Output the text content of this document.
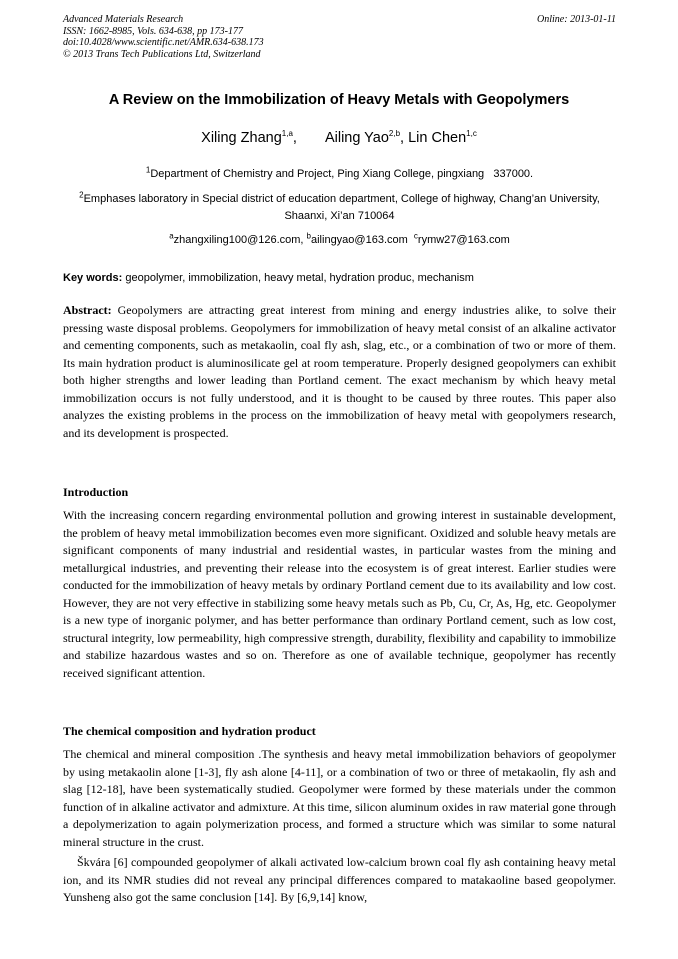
Advanced Materials Research
ISSN: 1662-8985, Vols. 634-638, pp 173-177
doi:10.4028/www.scientific.net/AMR.634-638.173
© 2013 Trans Tech Publications Ltd, Switzerland
Online: 2013-01-11
A Review on the Immobilization of Heavy Metals with Geopolymers
Xiling Zhang$^{1,a}$, Ailing Yao$^{2,b}$, Lin Chen$^{1,c}$
$^1$Department of Chemistry and Project, Ping Xiang College, pingxiang   337000.
$^2$Emphases laboratory in Special district of education department, College of highway, Chang’an University, Shaanxi, Xi’an 710064
$^a$zhangxiling100@126.com, $^b$ailingyao@163.com $^c$rymw27@163.com
Key words: geopolymer, immobilization, heavy metal, hydration produc, mechanism
Abstract: Geopolymers are attracting great interest from mining and energy industries alike, to solve their pressing waste disposal problems. Geopolymers for immobilization of heavy metal consist of an alkaline activator and cementing components, such as metakaolin, coal fly ash, slag, etc., or a combination of two or more of them. Its main hydration product is aluminosilicate gel at room temperature. Properly designed geopolymers can exhibit both higher strengths and lower leading than Portland cement. The exact mechanism by which heavy metal immobilization occurs is not fully understood, and it is thought to be caused by three routes. This paper also analyzes the existing problems in the process on the immobilization of heavy metal with geopolymers research, and its development is prospected.
Introduction
With the increasing concern regarding environmental pollution and growing interest in sustainable development, the problem of heavy metal immobilization becomes even more significant. Oxidized and soluble heavy metals are significant components of many industrial and residential wastes, in particular wastes from the mining and metallurgical industries, and preventing their release into the ecosystem is of great interest. Earlier studies were conducted for the immobilization of heavy metals by ordinary Portland cement due to its availability and low cost. However, they are not very effective in stabilizing some heavy metals such as Pb, Cu, Cr, As, Hg, etc. Geopolymer is a new type of inorganic polymer, and has better performance than ordinary Portland cement, such as low cost, structural integrity, low permeability, high compressive strength, durability, flexibility and capability to immobilize and stabilize hazardous wastes and so on. Therefore as one of available technique, geopolymer has recently received significant attention.
The chemical composition and hydration product
The chemical and mineral composition .The synthesis and heavy metal immobilization behaviors of geopolymer by using metakaolin alone [1-3], fly ash alone [4-11], or a combination of two or three of metakaolin, fly ash and slag [12-18], have been systematically studied. Geopolymer were formed by these materials under the common function of in alkaline activator and admixture. At this time, silicon aluminum oxides in raw material gone through a depolymerization to again polymerization process, and formed a structure which was similar to some natural mineral structure in the crust.
Škvára [6] compounded geopolymer of alkali activated low-calcium brown coal fly ash containing heavy metal ion, and its NMR studies did not reveal any principal differences compared to matakaoline based geopolymer. Yunsheng also got the same conclusion [14]. By [6,9,14] know,
